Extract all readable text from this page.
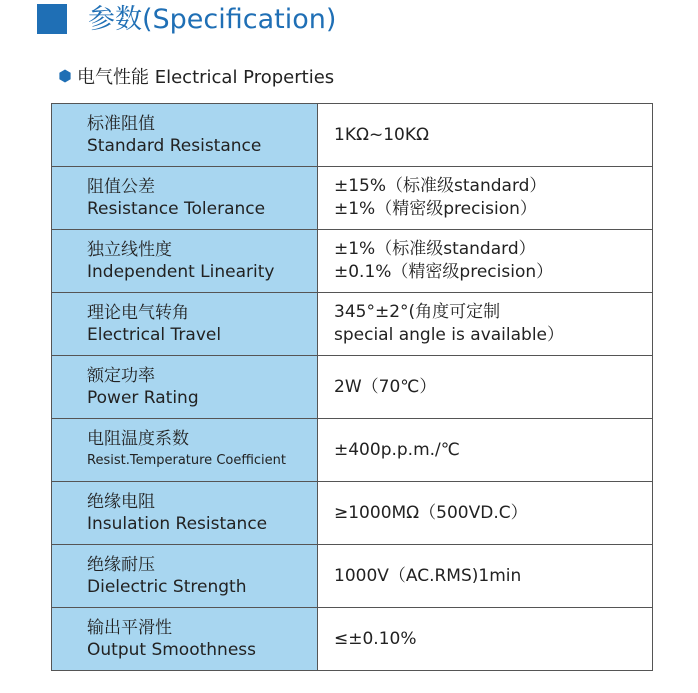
参数(Specification)
电气性能 Electrical Properties
标准阻值
Standard Resistance	1KΩ~10KΩ

阻值公差
Resistance Tolerance	±15%（标准级standard）
±1%（精密级precision）

独立线性度
Independent Linearity	±1%（标准级standard）
±0.1%（精密级precision）

理论电气转角
Electrical Travel	345°±2°(角度可定制
special angle is available）

额定功率
Power Rating	2W（70℃）

电阻温度系数
Resist.Temperature Coefficient	±400p.p.m./℃

绝缘电阻
Insulation Resistance	≥1000MΩ（500VD.C）

绝缘耐压
Dielectric Strength	1000V（AC.RMS)1min

输出平滑性
Output Smoothness	≤±0.10%
